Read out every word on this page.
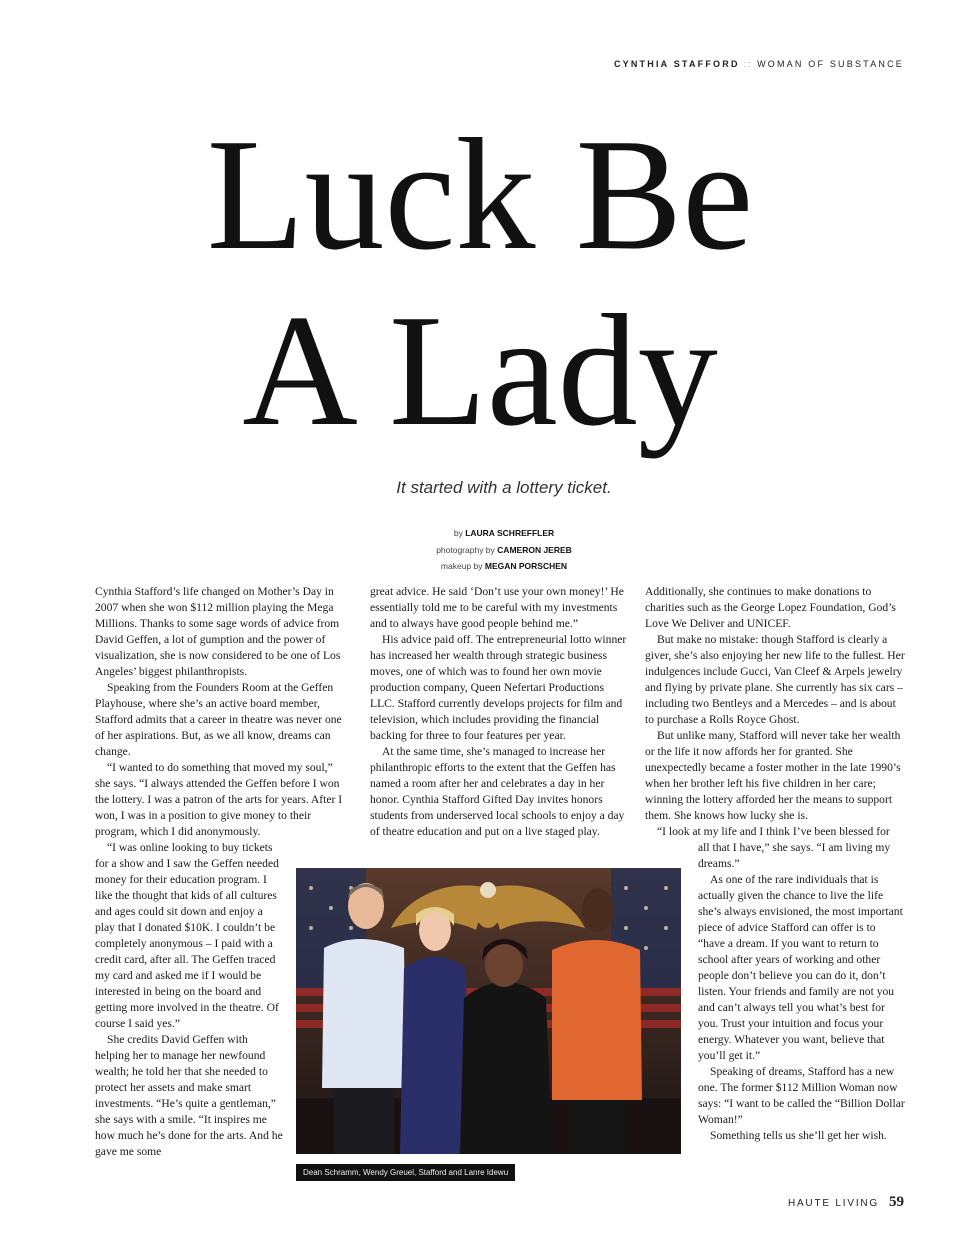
CYNTHIA STAFFORD :: WOMAN OF SUBSTANCE
Luck Be
A Lady
It started with a lottery ticket.
by LAURA SCHREFFLER
photography by CAMERON JEREB
makeup by MEGAN PORSCHEN

Cynthia Stafford’s life changed on Mother’s Day in 2007 when she won $112 million playing the Mega Millions. Thanks to some sage words of advice from David Geffen, a lot of gumption and the power of visualization, she is now considered to be one of Los Angeles’ biggest philanthropists.

Speaking from the Founders Room at the Geffen Playhouse, where she’s an active board member, Stafford admits that a career in theatre was never one of her aspirations. But, as we all know, dreams can change.

“I wanted to do something that moved my soul,” she says. “I always attended the Geffen before I won the lottery. I was a patron of the arts for years. After I won, I was in a position to give money to their program, which I did anonymously.

“I was online looking to buy tickets for a show and I saw the Geffen needed money for their education program. I like the thought that kids of all cultures and ages could sit down and enjoy a play that I donated $10K. I couldn’t be completely anonymous – I paid with a credit card, after all. The Geffen traced my card and asked me if I would be interested in being on the board and getting more involved in the theatre. Of course I said yes.”

She credits David Geffen with helping her to manage her newfound wealth; he told her that she needed to protect her assets and make smart investments. “He’s quite a gentleman,” she says with a smile. “It inspires me how much he’s done for the arts. And he gave me some

great advice. He said ‘Don’t use your own money!’ He essentially told me to be careful with my investments and to always have good people behind me.”

His advice paid off. The entrepreneurial lotto winner has increased her wealth through strategic business moves, one of which was to found her own movie production company, Queen Nefertari Productions LLC. Stafford currently develops projects for film and television, which includes providing the financial backing for three to four features per year.

At the same time, she’s managed to increase her philanthropic efforts to the extent that the Geffen has named a room after her and celebrates a day in her honor. Cynthia Stafford Gifted Day invites honors students from underserved local schools to enjoy a day of theatre education and put on a live staged play.

Additionally, she continues to make donations to charities such as the George Lopez Foundation, God’s Love We Deliver and UNICEF.

But make no mistake: though Stafford is clearly a giver, she’s also enjoying her new life to the fullest. Her indulgences include Gucci, Van Cleef & Arpels jewelry and flying by private plane. She currently has six cars – including two Bentleys and a Mercedes – and is about to purchase a Rolls Royce Ghost.

But unlike many, Stafford will never take her wealth or the life it now affords her for granted. She unexpectedly became a foster mother in the late 1990’s when her brother left his five children in her care; winning the lottery afforded her the means to support them. She knows how lucky she is.

“I look at my life and I think I’ve been blessed for

all that I have,” she says. “I am living my dreams.”

As one of the rare individuals that is actually given the chance to live the life she’s always envisioned, the most important piece of advice Stafford can offer is to “have a dream. If you want to return to school after years of working and other people don’t believe you can do it, don’t listen. Your friends and family are not you and can’t always tell you what’s best for you. Trust your intuition and focus your energy. Whatever you want, believe that you’ll get it.”

Speaking of dreams, Stafford has a new one. The former $112 Million Woman now says: “I want to be called the “Billion Dollar Woman!”

Something tells us she’ll get her wish.

Dean Schramm, Wendy Greuel, Stafford and Lanre Idewu
HAUTE LIVING 59
